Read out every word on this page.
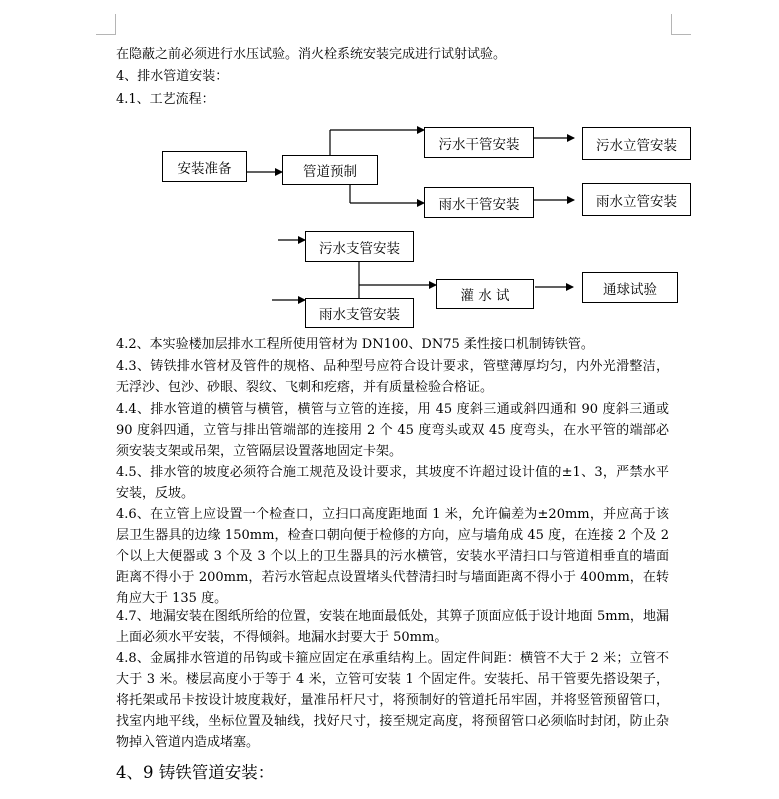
在隐蔽之前必须进行水压试验。消火栓系统安装完成进行试射试验。

4、排水管道安装：

4.1、工艺流程：

安装准备	管道预制
污水干管安装	污水立管安装
雨水干管安装	雨水立管安装
污水支管安装
雨水支管安装
灌 水 试	通球试验

4.2、本实验楼加层排水工程所使用管材为 DN100、DN75 柔性接口机制铸铁管。

4.3、铸铁排水管材及管件的规格、品种型号应符合设计要求，管壁薄厚均匀，内外光滑整洁，无浮沙、包沙、砂眼、裂纹、飞刺和疙瘩，并有质量检验合格证。

4.4、排水管道的横管与横管，横管与立管的连接，用 45 度斜三通或斜四通和 90 度斜三通或 90 度斜四通，立管与排出管端部的连接用 2 个 45 度弯头或双 45 度弯头，在水平管的端部必须安装支架或吊架，立管隔层设置落地固定卡架。

4.5、排水管的坡度必须符合施工规范及设计要求，其坡度不许超过设计值的±1、3，严禁水平安装，反坡。

4.6、在立管上应设置一个检查口，立扫口高度距地面 1 米，允许偏差为±20mm，并应高于该层卫生器具的边缘 150mm，检查口朝向便于检修的方向，应与墙角成 45 度，在连接 2 个及 2 个以上大便器或 3 个及 3 个以上的卫生器具的污水横管，安装水平清扫口与管道相垂直的墙面距离不得小于 200mm，若污水管起点设置堵头代替清扫时与墙面距离不得小于 400mm，在转角应大于 135 度。

4.7、地漏安装在图纸所给的位置，安装在地面最低处，其箅子顶面应低于设计地面 5mm，地漏上面必须水平安装，不得倾斜。地漏水封要大于 50mm。

4.8、金属排水管道的吊钩或卡箍应固定在承重结构上。固定件间距：横管不大于 2 米；立管不大于 3 米。楼层高度小于等于 4 米，立管可安装 1 个固定件。安装托、吊干管要先搭设架子，将托架或吊卡按设计坡度栽好，量准吊杆尺寸，将预制好的管道托吊牢固，并将竖管预留管口，找室内地平线，坐标位置及轴线，找好尺寸，接至规定高度，将预留管口必须临时封闭，防止杂物掉入管道内造成堵塞。

4、9 铸铁管道安装：
